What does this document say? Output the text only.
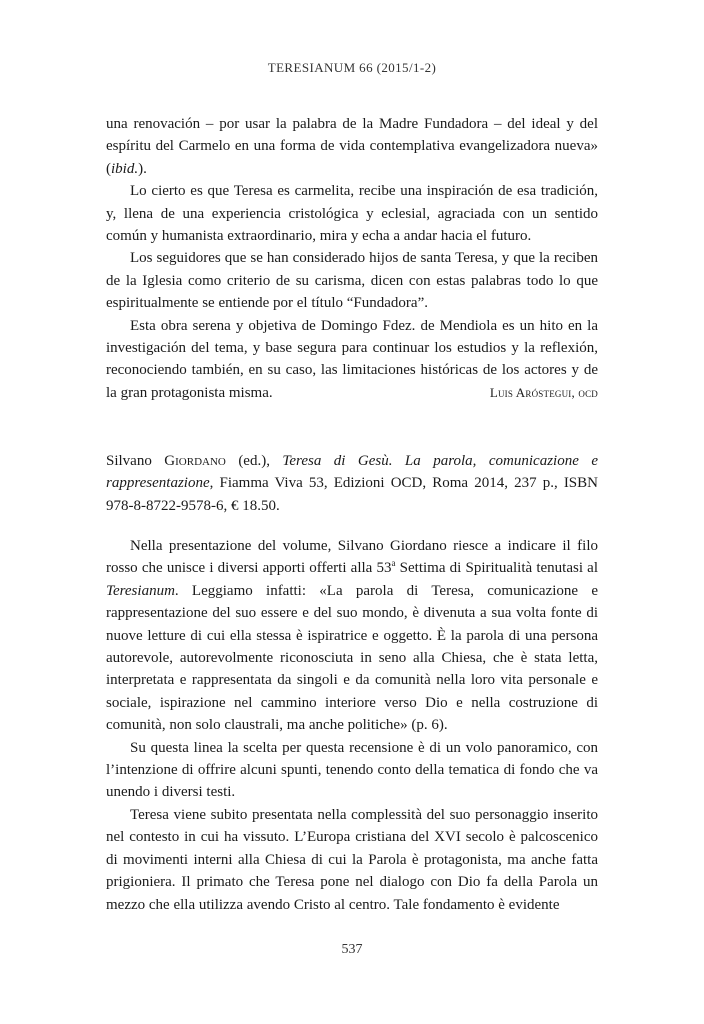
TERESIANUM 66 (2015/1-2)

una renovación – por usar la palabra de la Madre Fundadora – del ideal y del espíritu del Carmelo en una forma de vida contemplativa evangelizadora nueva» (ibid.).

Lo cierto es que Teresa es carmelita, recibe una inspiración de esa tradición, y, llena de una experiencia cristológica y eclesial, agraciada con un sentido común y humanista extraordinario, mira y echa a andar hacia el futuro.

Los seguidores que se han considerado hijos de santa Teresa, y que la reciben de la Iglesia como criterio de su carisma, dicen con estas palabras todo lo que espiritualmente se entiende por el título “Fundadora”.

Esta obra serena y objetiva de Domingo Fdez. de Mendiola es un hito en la investigación del tema, y base segura para continuar los estudios y la reflexión, reconociendo también, en su caso, las limitaciones históricas de los actores y de la gran protagonista misma.	Luis Aróstegui, ocd
Silvano Giordano (ed.), Teresa di Gesù. La parola, comunicazione e rappresentazione, Fiamma Viva 53, Edizioni OCD, Roma 2014, 237 p., ISBN 978-8-8722-9578-6, € 18.50.

Nella presentazione del volume, Silvano Giordano riesce a indicare il filo rosso che unisce i diversi apporti offerti alla 53$^a$ Settima di Spiritualità tenutasi al Teresianum. Leggiamo infatti: «La parola di Teresa, comunicazione e rappresentazione del suo essere e del suo mondo, è divenuta a sua volta fonte di nuove letture di cui ella stessa è ispiratrice e oggetto. È la parola di una persona autorevole, autorevolmente riconosciuta in seno alla Chiesa, che è stata letta, interpretata e rappresentata da singoli e da comunità nella loro vita personale e sociale, ispirazione nel cammino interiore verso Dio e nella costruzione di comunità, non solo claustrali, ma anche politiche» (p. 6).

Su questa linea la scelta per questa recensione è di un volo panoramico, con l’intenzione di offrire alcuni spunti, tenendo conto della tematica di fondo che va unendo i diversi testi.

Teresa viene subito presentata nella complessità del suo personaggio inserito nel contesto in cui ha vissuto. L’Europa cristiana del XVI secolo è palcoscenico di movimenti interni alla Chiesa di cui la Parola è protagonista, ma anche fatta prigioniera. Il primato che Teresa pone nel dialogo con Dio fa della Parola un mezzo che ella utilizza avendo Cristo al centro. Tale fondamento è evidente

537
